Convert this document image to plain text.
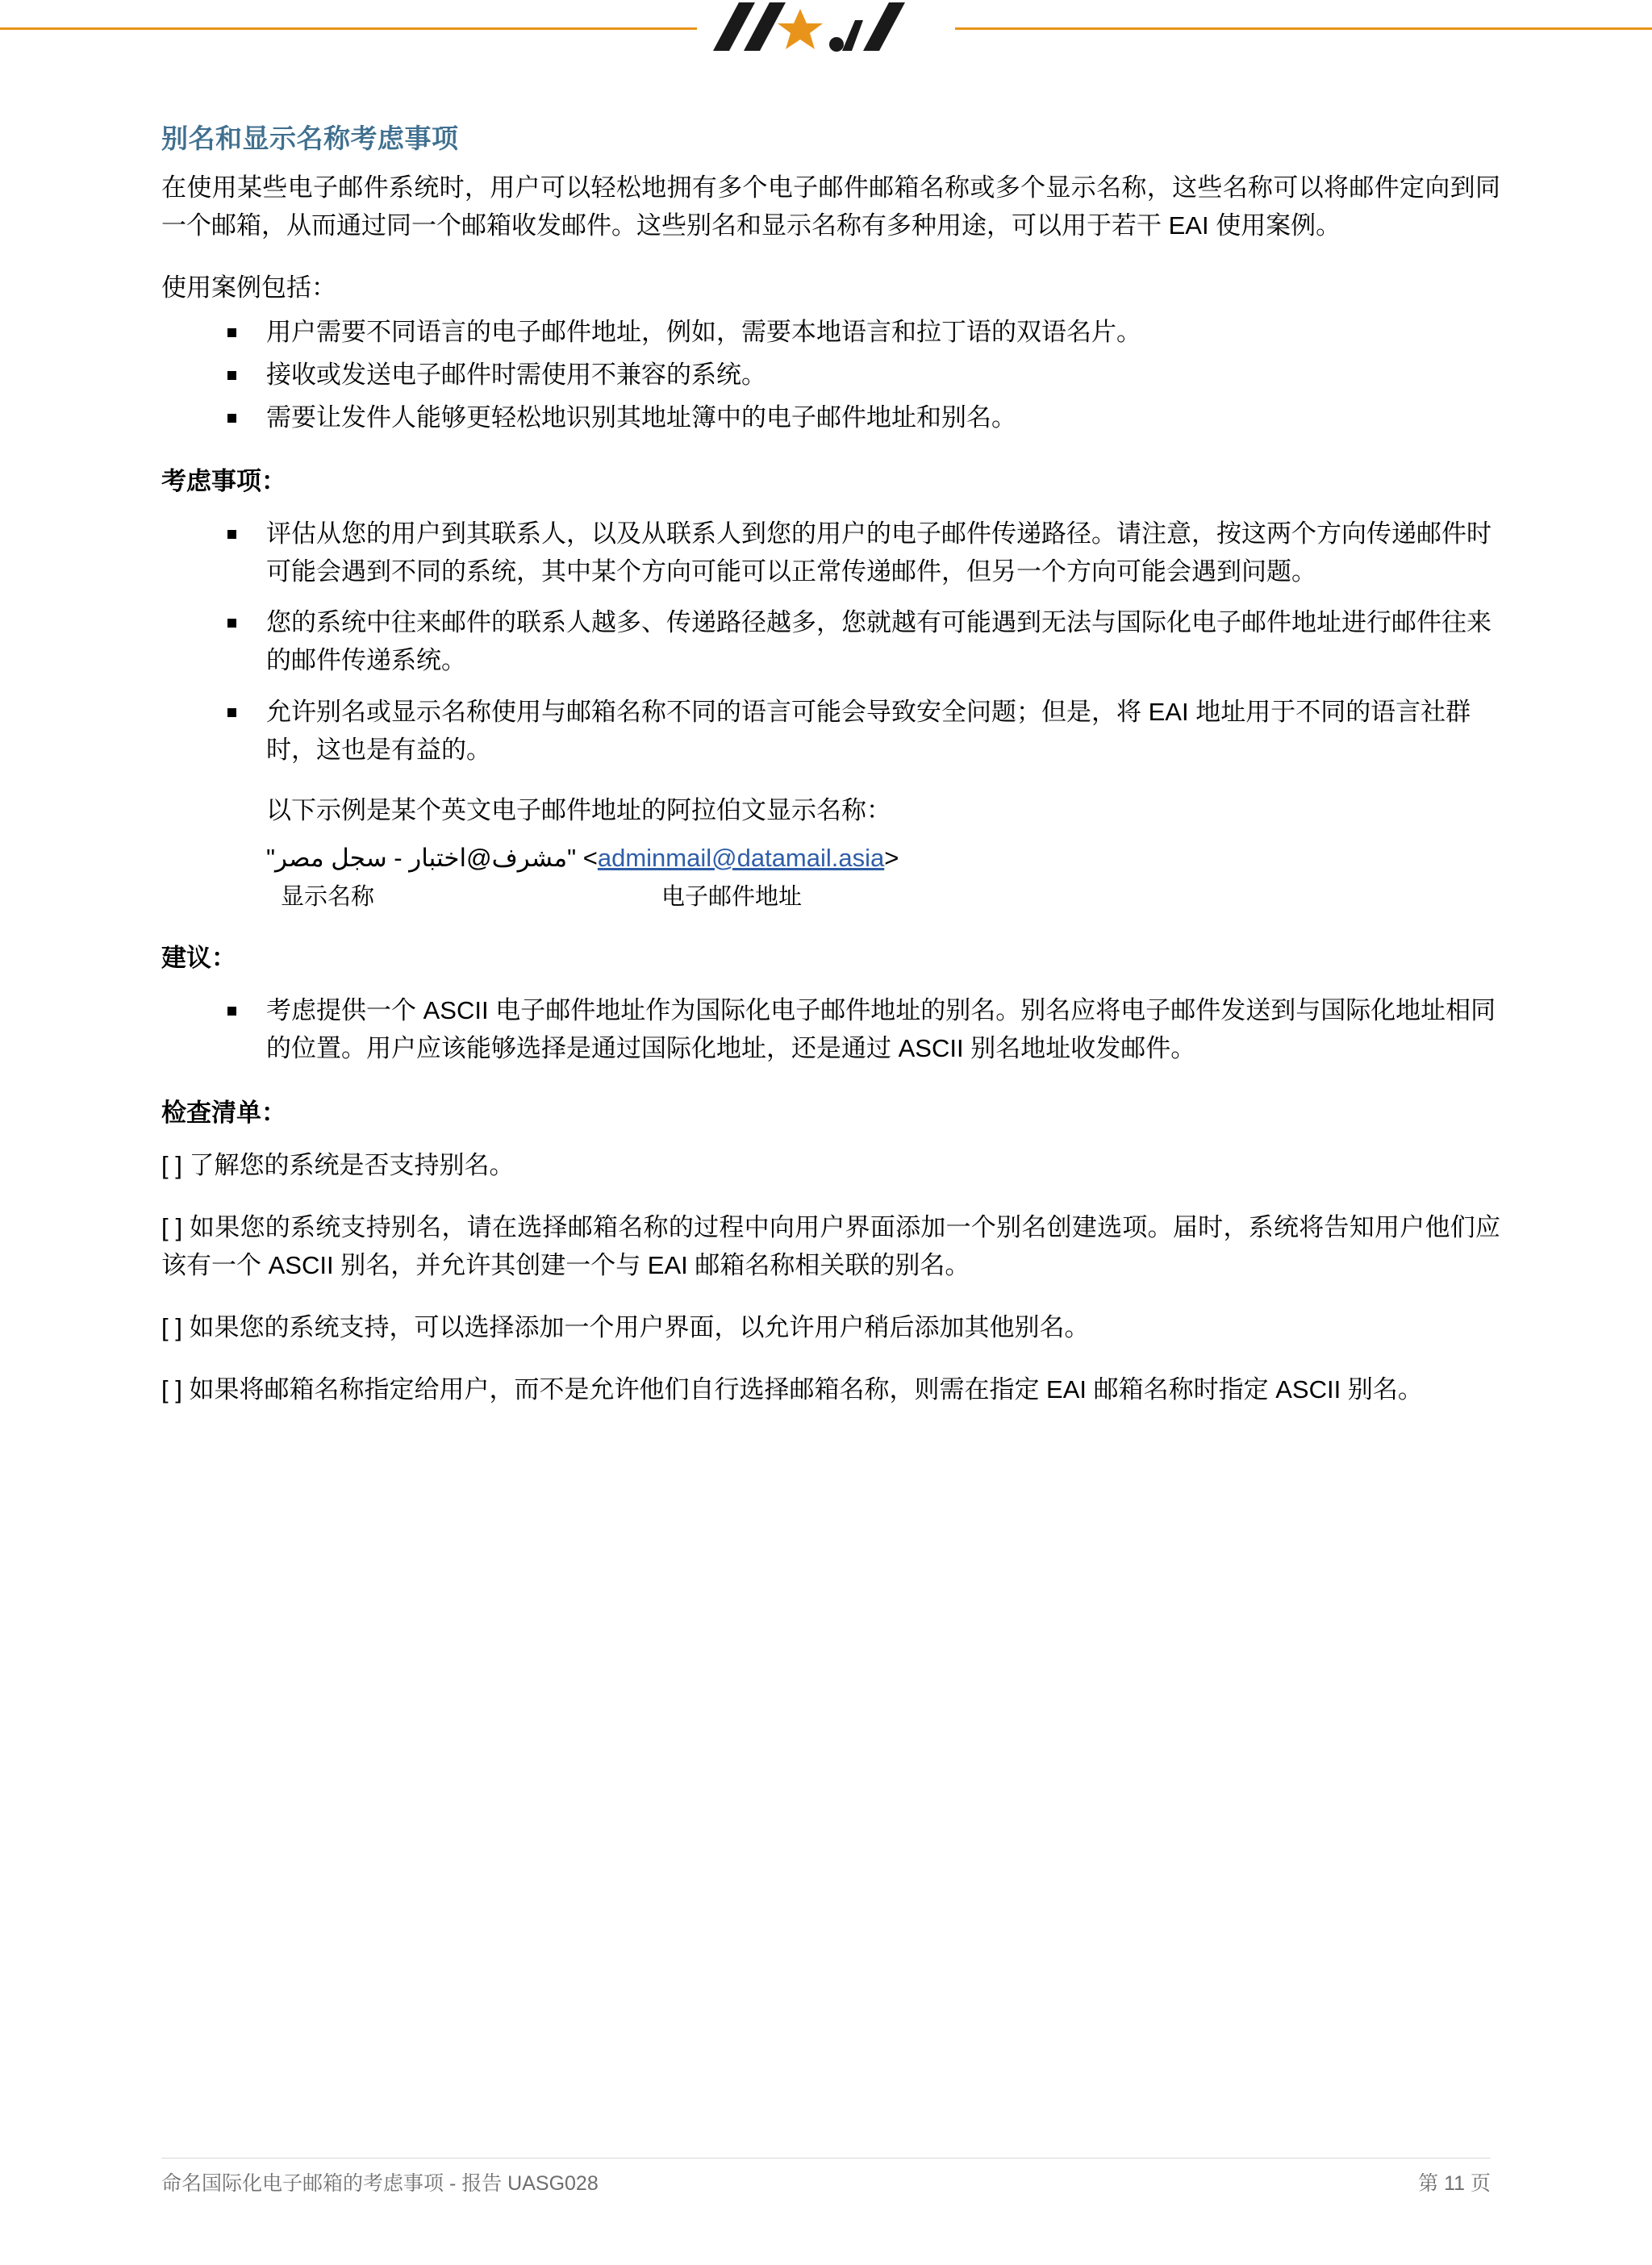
别名和显示名称考虑事项

在使用某些电子邮件系统时，用户可以轻松地拥有多个电子邮件邮箱名称或多个显示名称，这些名称可以将邮件定向到同一个邮箱，从而通过同一个邮箱收发邮件。这些别名和显示名称有多种用途，可以用于若干 EAI 使用案例。

使用案例包括：

用户需要不同语言的电子邮件地址，例如，需要本地语言和拉丁语的双语名片。
接收或发送电子邮件时需使用不兼容的系统。
需要让发件人能够更轻松地识别其地址簿中的电子邮件地址和别名。
考虑事项：
评估从您的用户到其联系人，以及从联系人到您的用户的电子邮件传递路径。请注意，按这两个方向传递邮件时可能会遇到不同的系统，其中某个方向可能可以正常传递邮件，但另一个方向可能会遇到问题。
您的系统中往来邮件的联系人越多、传递路径越多，您就越有可能遇到无法与国际化电子邮件地址进行邮件往来的邮件传递系统。
允许别名或显示名称使用与邮箱名称不同的语言可能会导致安全问题；但是，将 EAI 地址用于不同的语言社群时，这也是有益的。
以下示例是某个英文电子邮件地址的阿拉伯文显示名称：
"مشرف@اختبار - سجل مصر" <adminmail@datamail.asia>
显示名称	电子邮件地址
建议：
考虑提供一个 ASCII 电子邮件地址作为国际化电子邮件地址的别名。别名应将电子邮件发送到与国际化地址相同的位置。用户应该能够选择是通过国际化地址，还是通过 ASCII 别名地址收发邮件。
检查清单：

[ ] 了解您的系统是否支持别名。

[ ] 如果您的系统支持别名，请在选择邮箱名称的过程中向用户界面添加一个别名创建选项。届时，系统将告知用户他们应该有一个 ASCII 别名，并允许其创建一个与 EAI 邮箱名称相关联的别名。

[ ] 如果您的系统支持，可以选择添加一个用户界面，以允许用户稍后添加其他别名。

[ ] 如果将邮箱名称指定给用户，而不是允许他们自行选择邮箱名称，则需在指定 EAI 邮箱名称时指定 ASCII 别名。

命名国际化电子邮箱的考虑事项 - 报告 UASG028	第 11 页
